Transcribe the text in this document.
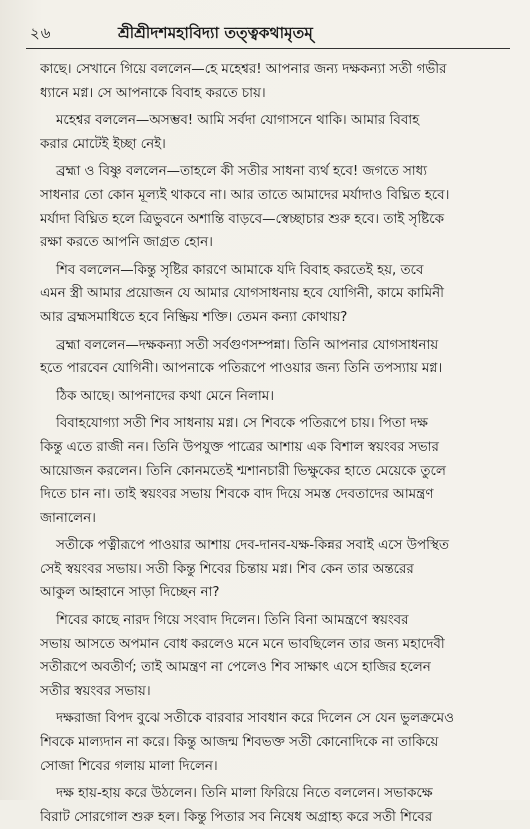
২৬	শ্রীশ্রীদশমহাবিদ্যা তত্ত্বকথামৃতম্
কাছে। সেখানে গিয়ে বললেন—হে মহেশ্বর! আপনার জন্য দক্ষকন্যা সতী গভীর
ধ্যানে মগ্ন। সে আপনাকে বিবাহ করতে চায়।
মহেশ্বর বললেন—অসম্ভব! আমি সর্বদা যোগাসনে থাকি। আমার বিবাহ
করার মোটেই ইচ্ছা নেই।
ব্রহ্মা ও বিষ্ণু বললেন—তাহলে কী সতীর সাধনা ব্যর্থ হবে! জগতে সাধ্য
সাধনার তো কোন মূল্যই থাকবে না। আর তাতে আমাদের মর্যাদাও বিঘ্নিত হবে।
মর্যাদা বিঘ্নিত হলে ত্রিভুবনে অশান্তি বাড়বে—স্বেচ্ছাচার শুরু হবে। তাই সৃষ্টিকে
রক্ষা করতে আপনি জাগ্রত হোন।
শিব বললেন—কিন্তু সৃষ্টির কারণে আমাকে যদি বিবাহ করতেই হয়, তবে
এমন স্ত্রী আমার প্রয়োজন যে আমার যোগসাধনায় হবে যোগিনী, কামে কামিনী
আর ব্রহ্মসমাধিতে হবে নিষ্ক্রিয় শক্তি। তেমন কন্যা কোথায়?
ব্রহ্মা বললেন—দক্ষকন্যা সতী সর্বগুণসম্পন্না। তিনি আপনার যোগসাধনায়
হতে পারবেন যোগিনী। আপনাকে পতিরূপে পাওয়ার জন্য তিনি তপস্যায় মগ্ন।
ঠিক আছে। আপনাদের কথা মেনে নিলাম।
বিবাহযোগ্যা সতী শিব সাধনায় মগ্ন। সে শিবকে পতিরূপে চায়। পিতা দক্ষ
কিন্তু এতে রাজী নন। তিনি উপযুক্ত পাত্রের আশায় এক বিশাল স্বয়ংবর সভার
আয়োজন করলেন। তিনি কোনমতেই শ্মশানচারী ভিক্ষুকের হাতে মেয়েকে তুলে
দিতে চান না। তাই স্বয়ংবর সভায় শিবকে বাদ দিয়ে সমস্ত দেবতাদের আমন্ত্রণ
জানালেন।
সতীকে পত্নীরূপে পাওয়ার আশায় দেব-দানব-যক্ষ-কিন্নর সবাই এসে উপস্থিত
সেই স্বয়ংবর সভায়। সতী কিন্তু শিবের চিন্তায় মগ্ন। শিব কেন তার অন্তরের
আকুল আহ্বানে সাড়া দিচ্ছেন না?
শিবের কাছে নারদ গিয়ে সংবাদ দিলেন। তিনি বিনা আমন্ত্রণে স্বয়ংবর
সভায় আসতে অপমান বোধ করলেও মনে মনে ভাবছিলেন তার জন্য মহাদেবী
সতীরূপে অবতীর্ণ; তাই আমন্ত্রণ না পেলেও শিব সাক্ষাৎ এসে হাজির হলেন
সতীর স্বয়ংবর সভায়।
দক্ষরাজা বিপদ বুঝে সতীকে বারবার সাবধান করে দিলেন সে যেন ভুলক্রমেও
শিবকে মাল্যদান না করে। কিন্তু আজন্ম শিবভক্ত সতী কোনোদিকে না তাকিয়ে
সোজা শিবের গলায় মালা দিলেন।
দক্ষ হায়-হায় করে উঠলেন। তিনি মালা ফিরিয়ে নিতে বললেন। সভাকক্ষে
বিরাট সোরগোল শুরু হল। কিন্তু পিতার সব নিষেধ অগ্রাহ্য করে সতী শিবের
